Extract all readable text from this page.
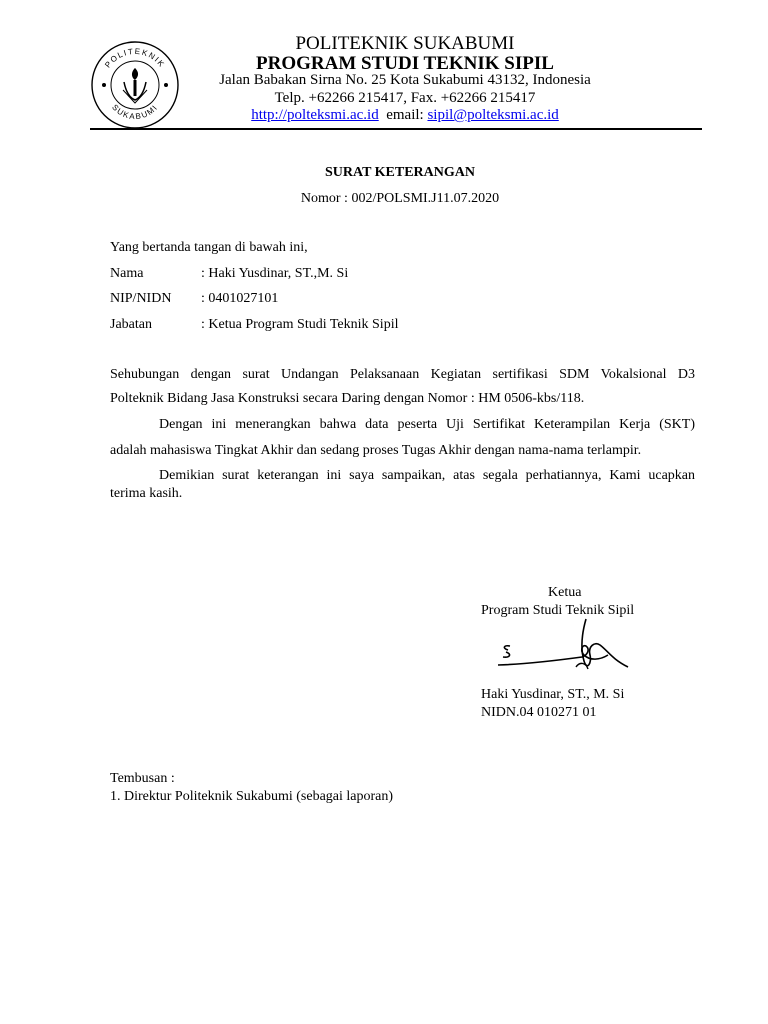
POLITEKNIK
SUKABUMI
POLITEKNIK SUKABUMI
PROGRAM STUDI TEKNIK SIPIL
Jalan Babakan Sirna No. 25 Kota Sukabumi 43132, Indonesia
Telp. +62266 215417, Fax. +62266 215417
http://polteksmi.ac.id email: sipil@polteksmi.ac.id
SURAT KETERANGAN
Nomor : 002/POLSMI.J11.07.2020
Yang bertanda tangan di bawah ini,
Nama	: Haki Yusdinar, ST.,M. Si
NIP/NIDN : 0401027101
Jabatan	: Ketua Program Studi Teknik Sipil
Sehubungan dengan surat Undangan Pelaksanaan Kegiatan sertifikasi SDM Vokalsional D3
Polteknik Bidang Jasa Konstruksi secara Daring dengan Nomor : HM 0506-kbs/118.
Dengan ini menerangkan bahwa data peserta Uji Sertifikat Keterampilan Kerja (SKT)
adalah mahasiswa Tingkat Akhir dan sedang proses Tugas Akhir dengan nama-nama terlampir.
Demikian surat keterangan ini saya sampaikan, atas segala perhatiannya, Kami ucapkan
terima kasih.
Ketua
Program Studi Teknik Sipil
Haki Yusdinar, ST., M. Si
NIDN.04 010271 01
Tembusan :
1. Direktur Politeknik Sukabumi (sebagai laporan)
